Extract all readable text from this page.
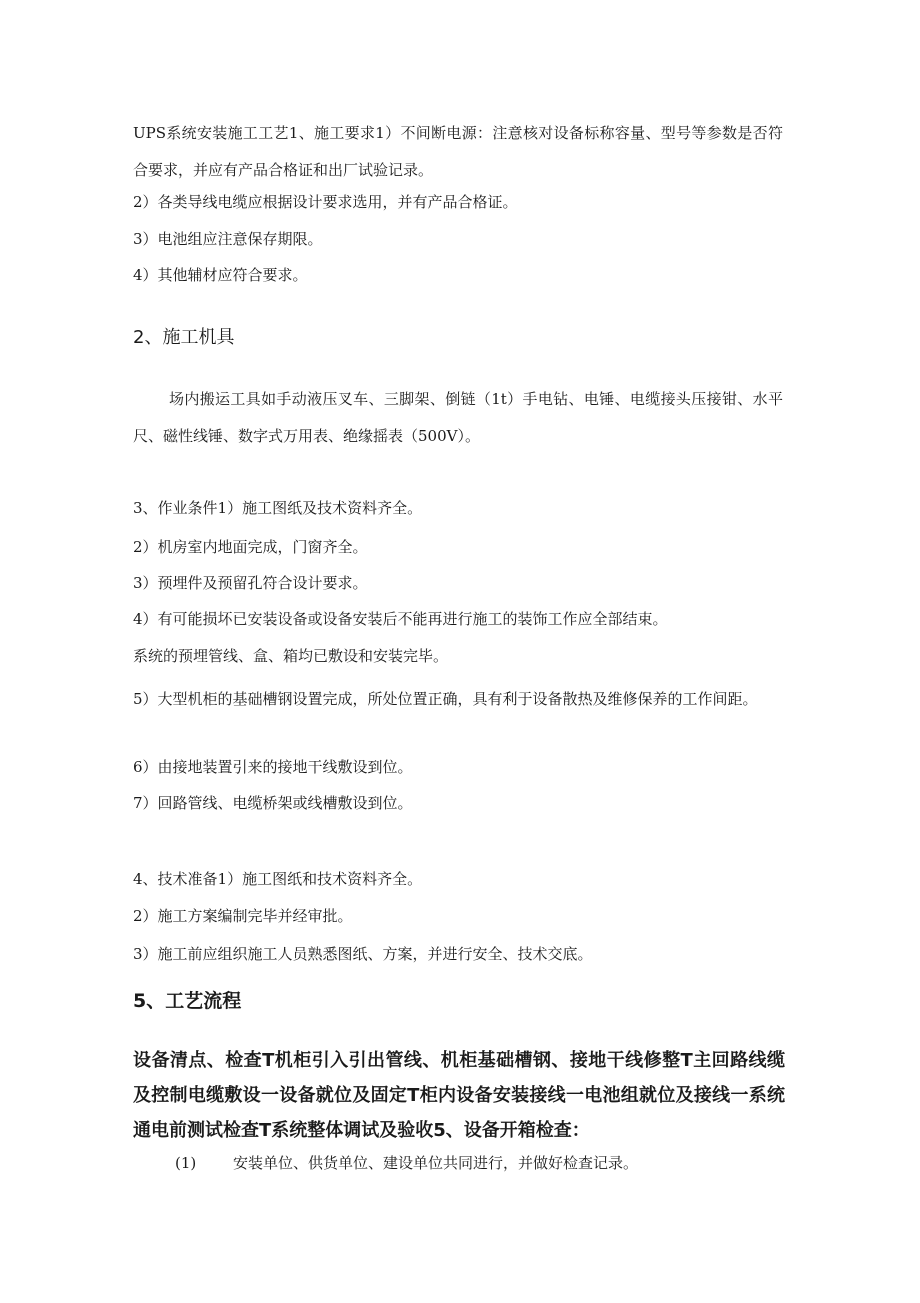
UPS系统安装施工工艺1、施工要求1）不间断电源：注意核对设备标称容量、型号等参数是否符合要求，并应有产品合格证和出厂试验记录。

2）各类导线电缆应根据设计要求选用，并有产品合格证。

3）电池组应注意保存期限。

4）其他辅材应符合要求。

2、施工机具

场内搬运工具如手动液压叉车、三脚架、倒链（1t）手电钻、电锤、电缆接头压接钳、水平尺、磁性线锤、数字式万用表、绝缘摇表（500V）。

3、作业条件1）施工图纸及技术资料齐全。

2）机房室内地面完成，门窗齐全。

3）预埋件及预留孔符合设计要求。

4）有可能损坏已安装设备或设备安装后不能再进行施工的装饰工作应全部结束。

系统的预埋管线、盒、箱均已敷设和安装完毕。

5）大型机柜的基础槽钢设置完成，所处位置正确，具有利于设备散热及维修保养的工作间距。

6）由接地装置引来的接地干线敷设到位。

7）回路管线、电缆桥架或线槽敷设到位。

4、技术准备1）施工图纸和技术资料齐全。

2）施工方案编制完毕并经审批。

3）施工前应组织施工人员熟悉图纸、方案，并进行安全、技术交底。

5、工艺流程

设备清点、检查T机柜引入引出管线、机柜基础槽钢、接地干线修整T主回路线缆及控制电缆敷设一设备就位及固定T柜内设备安装接线一电池组就位及接线一系统通电前测试检查T系统整体调试及验收5、设备开箱检查：

(1) 安装单位、供货单位、建设单位共同进行，并做好检查记录。
